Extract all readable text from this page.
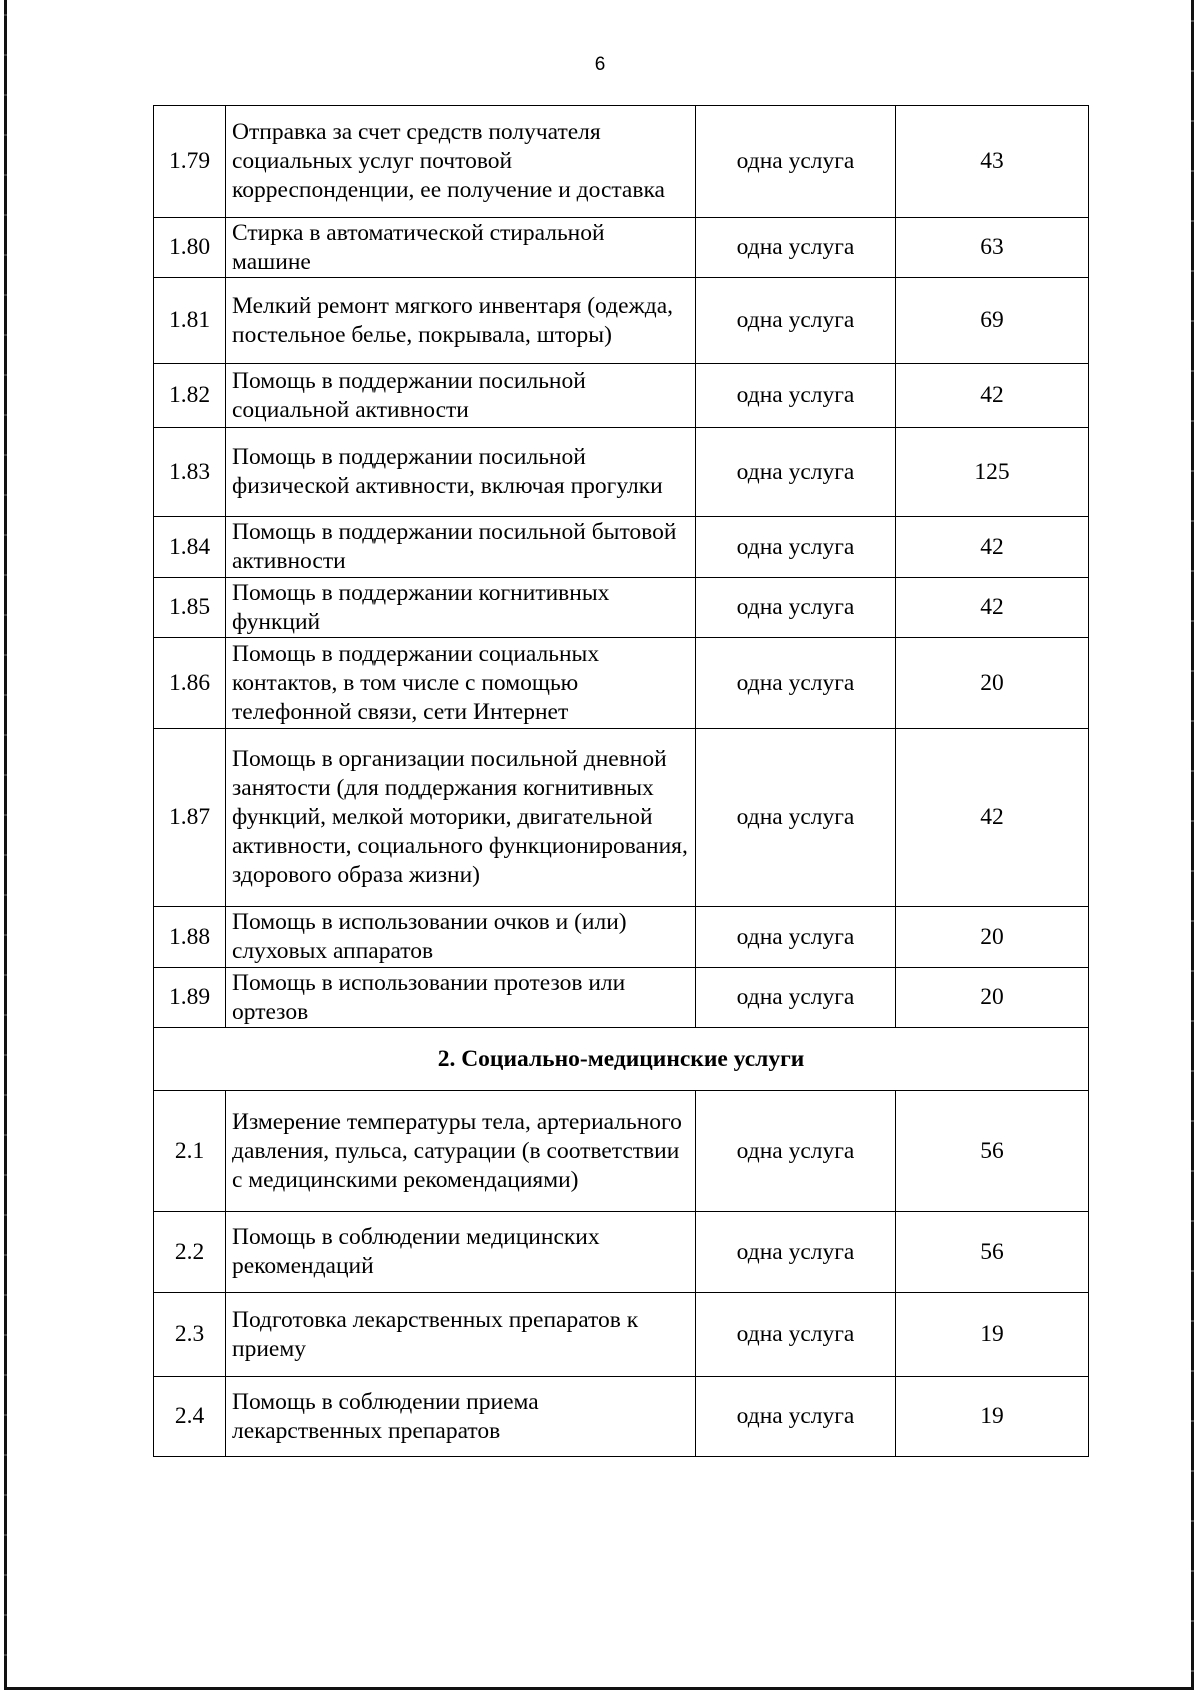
6
1.79	Отправка за счет средств получателя социальных услуг почтовой корреспонденции, ее получение и доставка	одна услуга	43
1.80	Стирка в автоматической стиральной машине	одна услуга	63
1.81	Мелкий ремонт мягкого инвентаря (одежда, постельное белье, покрывала, шторы)	одна услуга	69
1.82	Помощь в поддержании посильной социальной активности	одна услуга	42
1.83	Помощь в поддержании посильной физической активности, включая прогулки	одна услуга	125
1.84	Помощь в поддержании посильной бытовой активности	одна услуга	42
1.85	Помощь в поддержании когнитивных функций	одна услуга	42
1.86	Помощь в поддержании социальных контактов, в том числе с помощью телефонной связи, сети Интернет	одна услуга	20
1.87	Помощь в организации посильной дневной занятости (для поддержания когнитивных функций, мелкой моторики, двигательной активности, социального функционирования, здорового образа жизни)	одна услуга	42
1.88	Помощь в использовании очков и (или) слуховых аппаратов	одна услуга	20
1.89	Помощь в использовании протезов или ортезов	одна услуга	20
2. Социально-медицинские услуги			
2.1	Измерение температуры тела, артериального давления, пульса, сатурации (в соответствии с медицинскими рекомендациями)	одна услуга	56
2.2	Помощь в соблюдении медицинских рекомендаций	одна услуга	56
2.3	Подготовка лекарственных препаратов к приему	одна услуга	19
2.4	Помощь в соблюдении приема лекарственных препаратов	одна услуга	19
